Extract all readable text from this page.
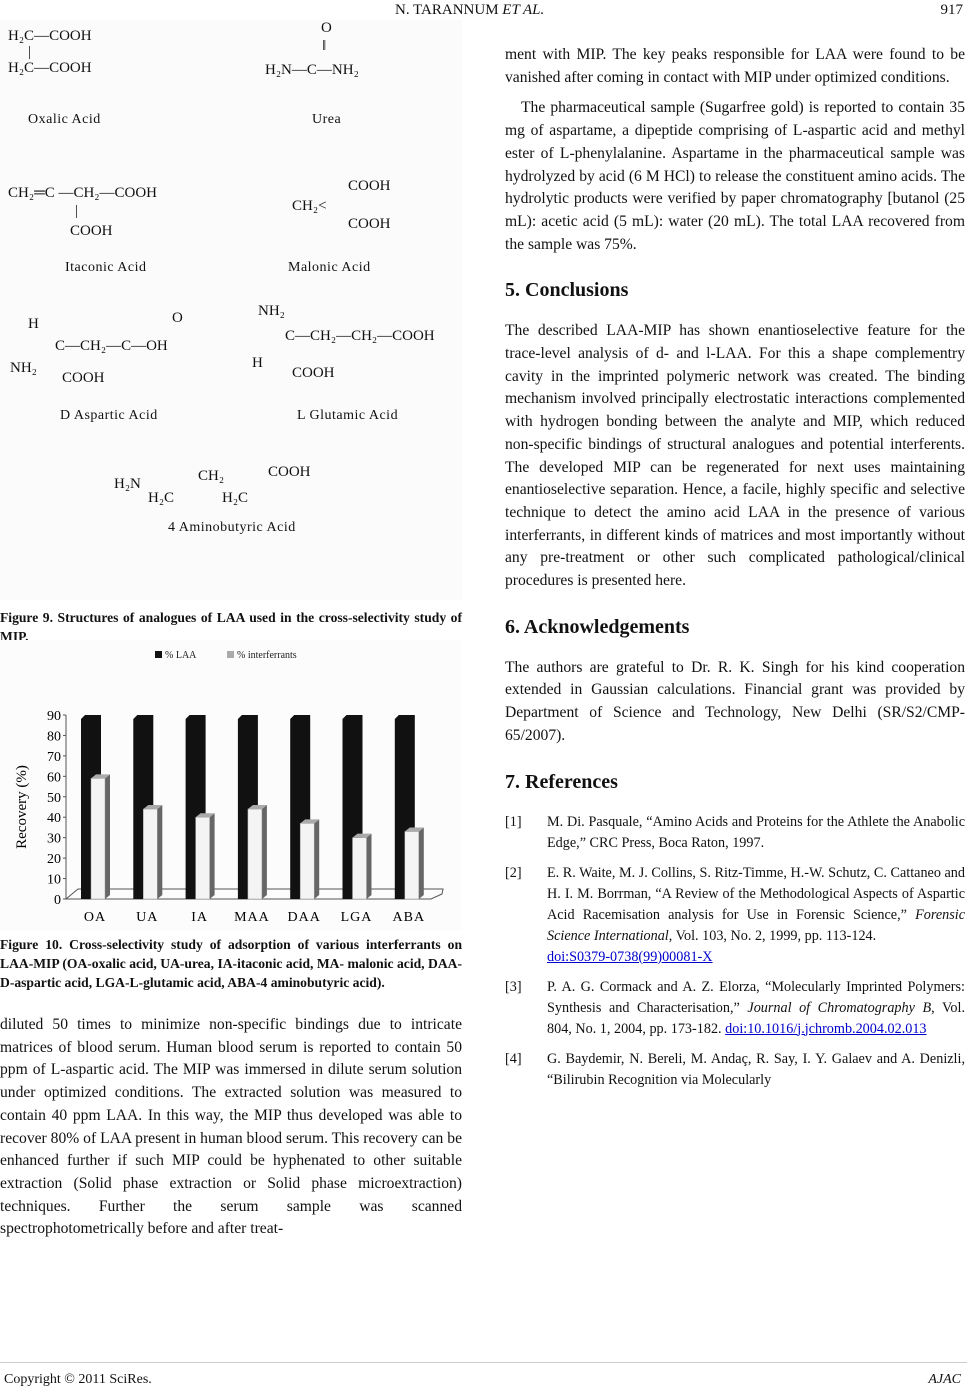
N. TARANNUM ET AL.	917
H₂C—COOH
|
H₂C—COOH
Oxalic Acid
O
‖
H₂N—C—NH₂
Urea
CH₂═C —CH₂—COOH
|
COOH
Itaconic Acid
COOH
CH₂<
COOH
Malonic Acid
H	O
C—CH₂—C—OH
NH₂
COOH
D Aspartic Acid
NH₂
C—CH₂—CH₂—COOH
H
COOH
L Glutamic Acid
H₂N	CH₂	COOH
H₂C	H₂C
4 Aminobutyric Acid
Figure 9. Structures of analogues of LAA used in the cross-selectivity study of MIP.
% LAA	% interferrants
0
10
20
30
40
50
60
70
80
90
Recovery (%)
OA UA IA MAA DAA LGA ABA
Figure 10. Cross-selectivity study of adsorption of various interferrants on LAA-MIP (OA-oxalic acid, UA-urea, IA-itaconic acid, MA- malonic acid, DAA-D-aspartic acid, LGA-L-glutamic acid, ABA-4 aminobutyric acid).

diluted 50 times to minimize non-specific bindings due to intricate matrices of blood serum. Human blood serum is reported to contain 50 ppm of L-aspartic acid. The MIP was immersed in dilute serum solution under optimized conditions. The extracted solution was measured to contain 40 ppm LAA. In this way, the MIP thus developed was able to recover 80% of LAA present in human blood serum. This recovery can be enhanced further if such MIP could be hyphenated to other suitable extraction (Solid phase extraction or Solid phase microextraction) techniques. Further the serum sample was scanned spectrophotometrically before and after treat-

ment with MIP. The key peaks responsible for LAA were found to be vanished after coming in contact with MIP under optimized conditions.

The pharmaceutical sample (Sugarfree gold) is reported to contain 35 mg of aspartame, a dipeptide comprising of L-aspartic acid and methyl ester of L-phenylalanine. Aspartame in the pharmaceutical sample was hydrolyzed by acid (6 M HCl) to release the constituent amino acids. The hydrolytic products were verified by paper chromatography [butanol (25 mL): acetic acid (5 mL): water (20 mL). The total LAA recovered from the sample was 75%.

5. Conclusions

The described LAA-MIP has shown enantioselective feature for the trace-level analysis of d- and l-LAA. For this a shape complementry cavity in the imprinted polymeric network was created. The binding mechanism involved principally electrostatic interactions complemented with hydrogen bonding between the analyte and MIP, which reduced non-specific bindings of structural analogues and potential interferents. The developed MIP can be regenerated for next uses maintaining enantioselective separation. Hence, a facile, highly specific and selective technique to detect the amino acid LAA in the presence of various interferrants, in different kinds of matrices and most importantly without any pre-treatment or other such complicated pathological/clinical procedures is presented here.

6. Acknowledgements

The authors are grateful to Dr. R. K. Singh for his kind cooperation extended in Gaussian calculations. Financial grant was provided by Department of Science and Technology, New Delhi (SR/S2/CMP-65/2007).

7. References
[1] M. Di. Pasquale, “Amino Acids and Proteins for the Athlete the Anabolic Edge,” CRC Press, Boca Raton, 1997.
[2] E. R. Waite, M. J. Collins, S. Ritz-Timme, H.-W. Schutz, C. Cattaneo and H. I. M. Borrman, “A Review of the Methodological Aspects of Aspartic Acid Racemisation analysis for Use in Forensic Science,” Forensic Science International, Vol. 103, No. 2, 1999, pp. 113-124.
doi:S0379-0738(99)00081-X
[3] P. A. G. Cormack and A. Z. Elorza, “Molecularly Imprinted Polymers: Synthesis and Characterisation,” Journal of Chromatography B, Vol. 804, No. 1, 2004, pp. 173-182. doi:10.1016/j.jchromb.2004.02.013
[4] G. Baydemir, N. Bereli, M. Andaç, R. Say, I. Y. Galaev and A. Denizli, “Bilirubin Recognition via Molecularly
Copyright © 2011 SciRes.	AJAC
